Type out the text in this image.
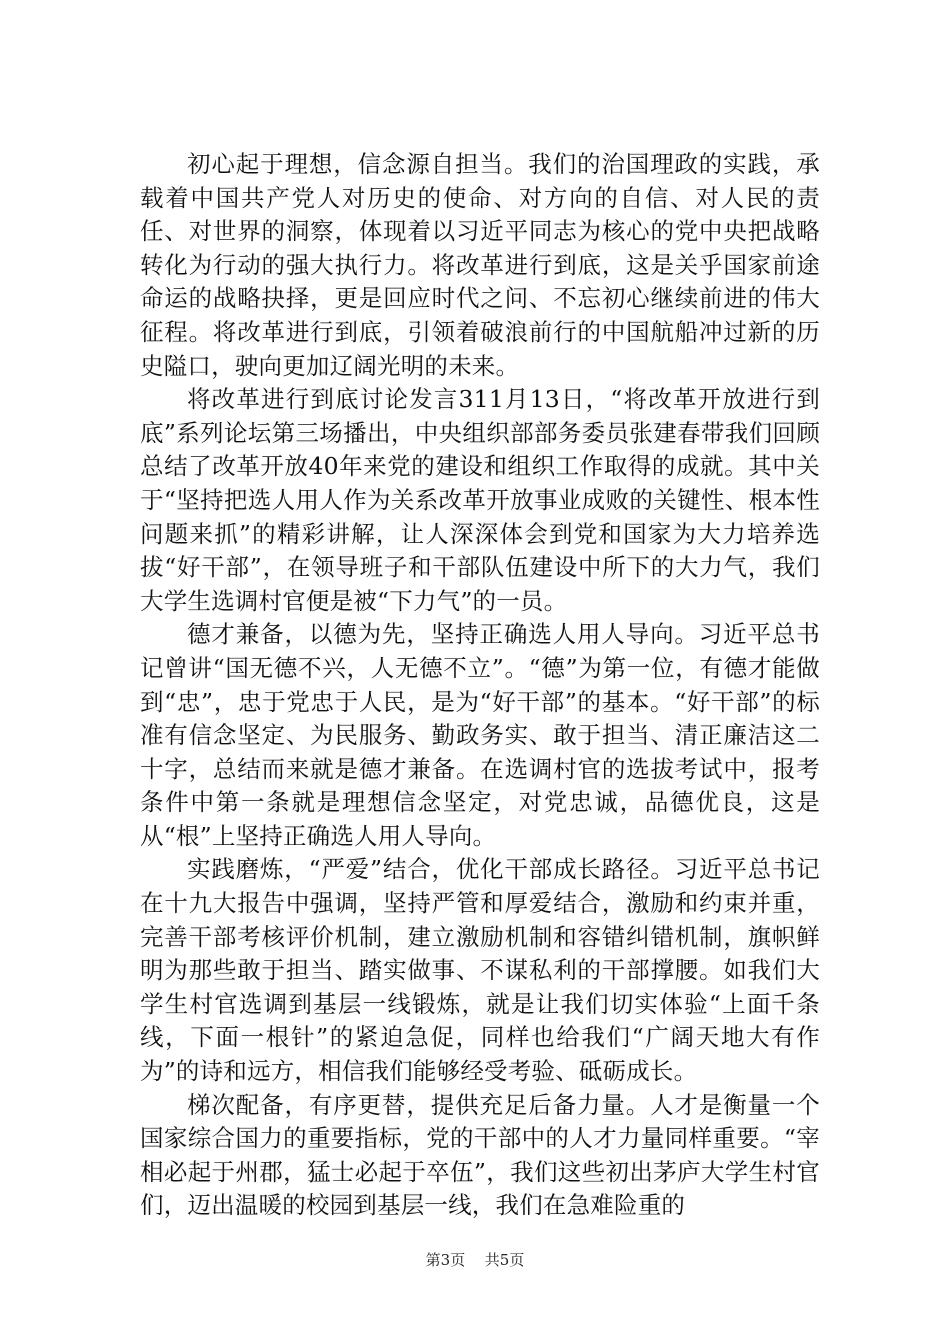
初心起于理想，信念源自担当。我们的治国理政的实践，承载着中国共产党人对历史的使命、对方向的自信、对人民的责任、对世界的洞察，体现着以习近平同志为核心的党中央把战略转化为行动的强大执行力。将改革进行到底，这是关乎国家前途命运的战略抉择，更是回应时代之问、不忘初心继续前进的伟大征程。将改革进行到底，引领着破浪前行的中国航船冲过新的历史隘口，驶向更加辽阔光明的未来。

将改革进行到底讨论发言311月13日，“将改革开放进行到底”系列论坛第三场播出，中央组织部部务委员张建春带我们回顾总结了改革开放40年来党的建设和组织工作取得的成就。其中关于“坚持把选人用人作为关系改革开放事业成败的关键性、根本性问题来抓”的精彩讲解，让人深深体会到党和国家为大力培养选拔“好干部”，在领导班子和干部队伍建设中所下的大力气，我们大学生选调村官便是被“下力气”的一员。

德才兼备，以德为先，坚持正确选人用人导向。习近平总书记曾讲“国无德不兴，人无德不立”。“德”为第一位，有德才能做到“忠”，忠于党忠于人民，是为“好干部”的基本。“好干部”的标准有信念坚定、为民服务、勤政务实、敢于担当、清正廉洁这二十字，总结而来就是德才兼备。在选调村官的选拔考试中，报考条件中第一条就是理想信念坚定，对党忠诚，品德优良，这是从“根”上坚持正确选人用人导向。

实践磨炼，“严爱”结合，优化干部成长路径。习近平总书记在十九大报告中强调，坚持严管和厚爱结合，激励和约束并重，完善干部考核评价机制，建立激励机制和容错纠错机制，旗帜鲜明为那些敢于担当、踏实做事、不谋私利的干部撑腰。如我们大学生村官选调到基层一线锻炼，就是让我们切实体验“上面千条线，下面一根针”的紧迫急促，同样也给我们“广阔天地大有作为”的诗和远方，相信我们能够经受考验、砥砺成长。

梯次配备，有序更替，提供充足后备力量。人才是衡量一个国家综合国力的重要指标，党的干部中的人才力量同样重要。“宰相必起于州郡，猛士必起于卒伍”，我们这些初出茅庐大学生村官们，迈出温暖的校园到基层一线，我们在急难险重的

第3页 共5页
